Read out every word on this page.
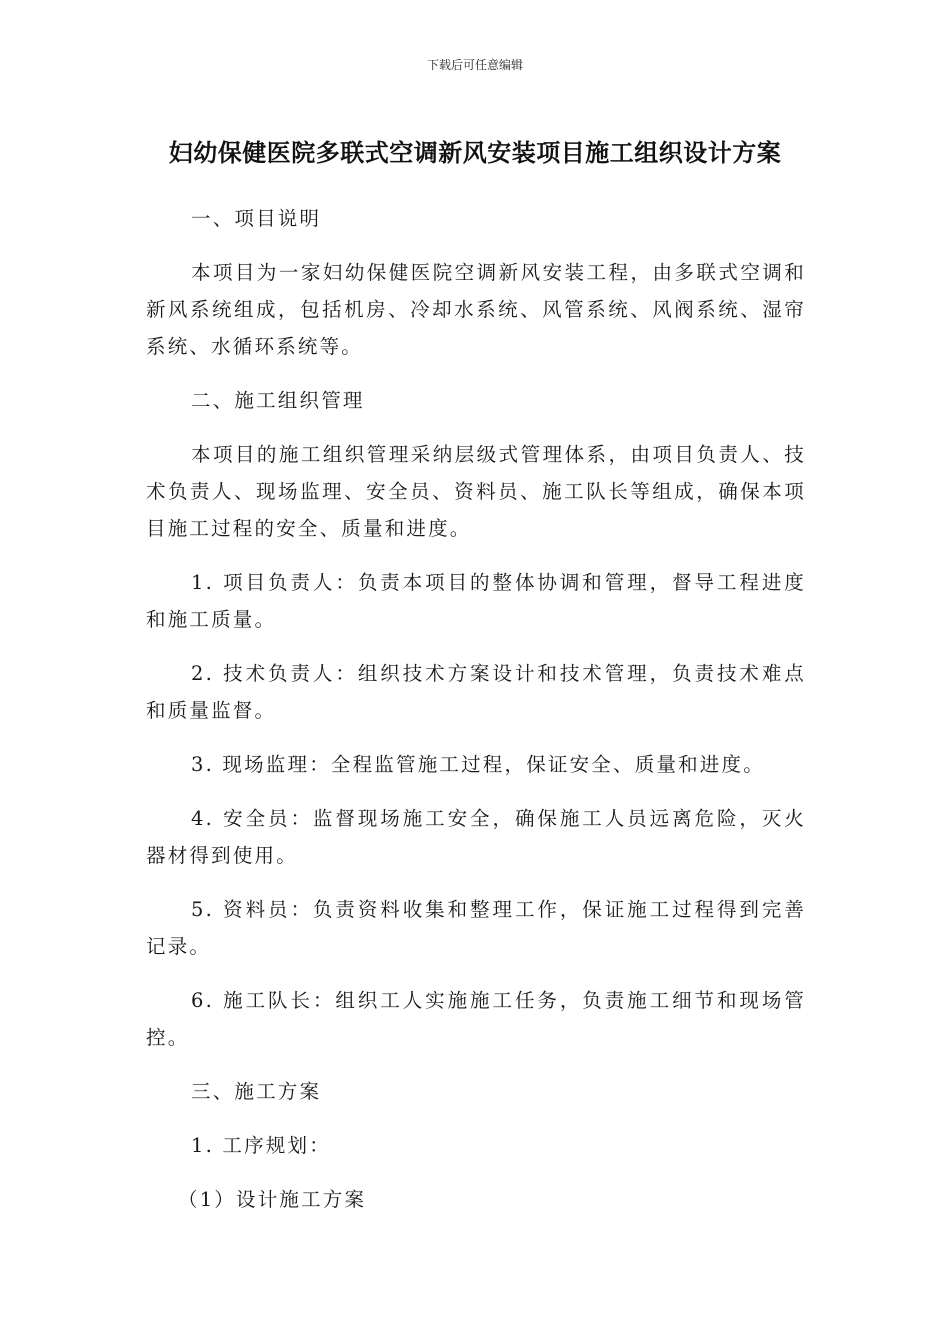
下载后可任意编辑
妇幼保健医院多联式空调新风安装项目施工组织设计方案

一、项目说明

本项目为一家妇幼保健医院空调新风安装工程，由多联式空调和新风系统组成，包括机房、冷却水系统、风管系统、风阀系统、湿帘系统、水循环系统等。

二、施工组织管理

本项目的施工组织管理采纳层级式管理体系，由项目负责人、技术负责人、现场监理、安全员、资料员、施工队长等组成，确保本项目施工过程的安全、质量和进度。

1. 项目负责人：负责本项目的整体协调和管理，督导工程进度和施工质量。

2. 技术负责人：组织技术方案设计和技术管理，负责技术难点和质量监督。

3. 现场监理：全程监管施工过程，保证安全、质量和进度。

4. 安全员：监督现场施工安全，确保施工人员远离危险，灭火器材得到使用。

5. 资料员：负责资料收集和整理工作，保证施工过程得到完善记录。

6. 施工队长：组织工人实施施工任务，负责施工细节和现场管控。

三、施工方案

1. 工序规划：

（1）设计施工方案
